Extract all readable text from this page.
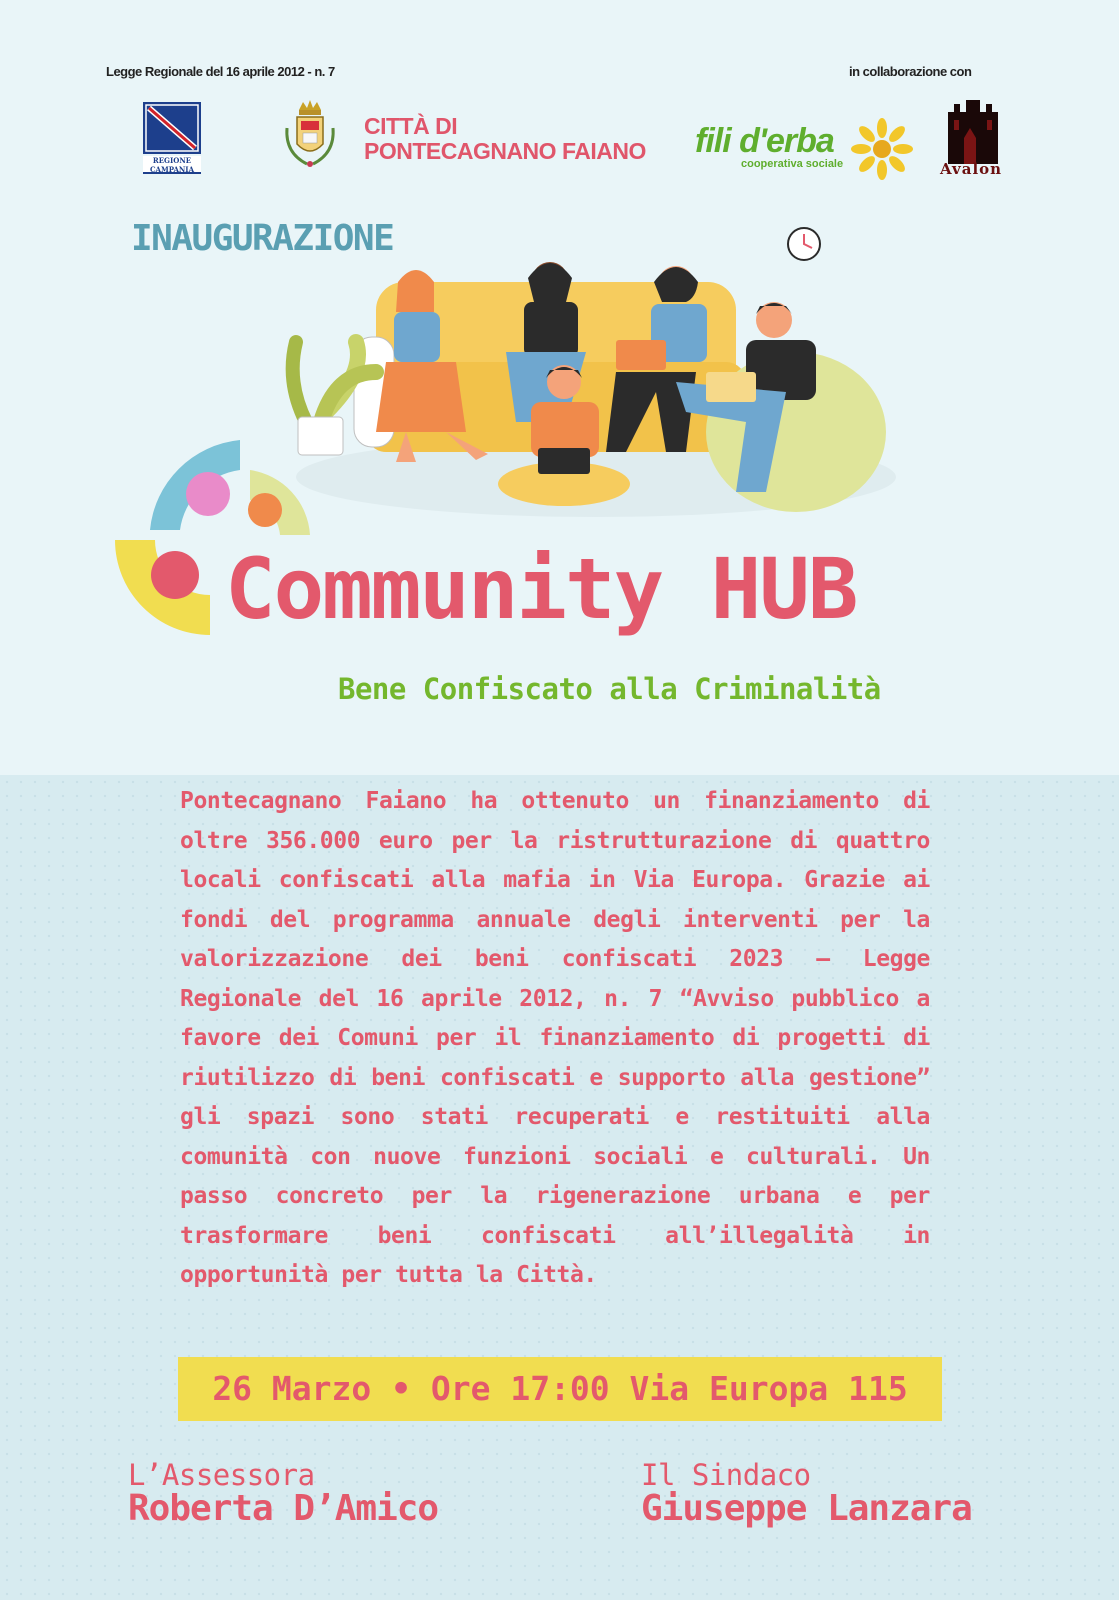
Legge Regionale del 16 aprile 2012 - n. 7	in collaborazione con
REGIONE CAMPANIA
CITTÀ DI
PONTECAGNANO FAIANO fili d'erba
cooperativa sociale	Avalon
INAUGURAZIONE
Community HUB
Bene Confiscato alla Criminalità
Pontecagnano Faiano ha ottenuto un finanziamento di oltre 356.000 euro per la ristrutturazione di quattro locali confiscati alla mafia in Via Europa. Grazie ai fondi del programma annuale degli interventi per la valorizzazione dei beni confiscati 2023 – Legge Regionale del 16 aprile 2012, n. 7 “Avviso pubblico a favore dei Comuni per il finanziamento di progetti di riutilizzo di beni confiscati e supporto alla gestione” gli spazi sono stati recuperati e restituiti alla comunità con nuove funzioni sociali e culturali. Un passo concreto per la rigenerazione urbana e per trasformare beni confiscati all’illegalità in opportunità per tutta la Città.
26 Marzo • Ore 17:00 Via Europa 115
L’Assessora
Roberta D’Amico
Il Sindaco
Giuseppe Lanzara
